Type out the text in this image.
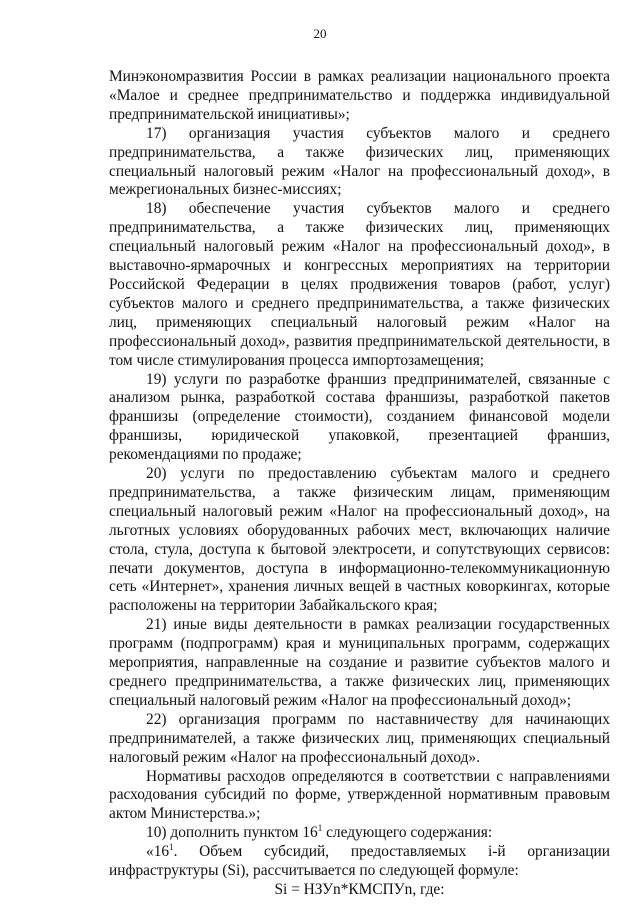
20

Минэкономразвития России в рамках реализации национального проекта «Малое и среднее предпринимательство и поддержка индивидуальной предпринимательской инициативы»;

17) организация участия субъектов малого и среднего предпринимательства, а также физических лиц, применяющих специальный налоговый режим «Налог на профессиональный доход», в межрегиональных бизнес-миссиях;

18) обеспечение участия субъектов малого и среднего предпринимательства, а также физических лиц, применяющих специальный налоговый режим «Налог на профессиональный доход», в выставочно-ярмарочных и конгрессных мероприятиях на территории Российской Федерации в целях продвижения товаров (работ, услуг) субъектов малого и среднего предпринимательства, а также физических лиц, применяющих специальный налоговый режим «Налог на профессиональный доход», развития предпринимательской деятельности, в том числе стимулирования процесса импортозамещения;

19) услуги по разработке франшиз предпринимателей, связанные с анализом рынка, разработкой состава франшизы, разработкой пакетов франшизы (определение стоимости), созданием финансовой модели франшизы, юридической упаковкой, презентацией франшиз, рекомендациями по продаже;

20) услуги по предоставлению субъектам малого и среднего предпринимательства, а также физическим лицам, применяющим специальный налоговый режим «Налог на профессиональный доход», на льготных условиях оборудованных рабочих мест, включающих наличие стола, стула, доступа к бытовой электросети, и сопутствующих сервисов: печати документов, доступа в информационно-телекоммуникационную сеть «Интернет», хранения личных вещей в частных коворкингах, которые расположены на территории Забайкальского края;

21) иные виды деятельности в рамках реализации государственных программ (подпрограмм) края и муниципальных программ, содержащих мероприятия, направленные на создание и развитие субъектов малого и среднего предпринимательства, а также физических лиц, применяющих специальный налоговый режим «Налог на профессиональный доход»;

22) организация программ по наставничеству для начинающих предпринимателей, а также физических лиц, применяющих специальный налоговый режим «Налог на профессиональный доход».

Нормативы расходов определяются в соответствии с направлениями расходования субсидий по форме, утвержденной нормативным правовым актом Министерства.»;

10) дополнить пунктом $16^1$ следующего содержания:

«$16^1$. Объем субсидий, предоставляемых i-й организации инфраструктуры (Si), рассчитывается по следующей формуле:

Si = НЗУn*КМСПУn, где:
